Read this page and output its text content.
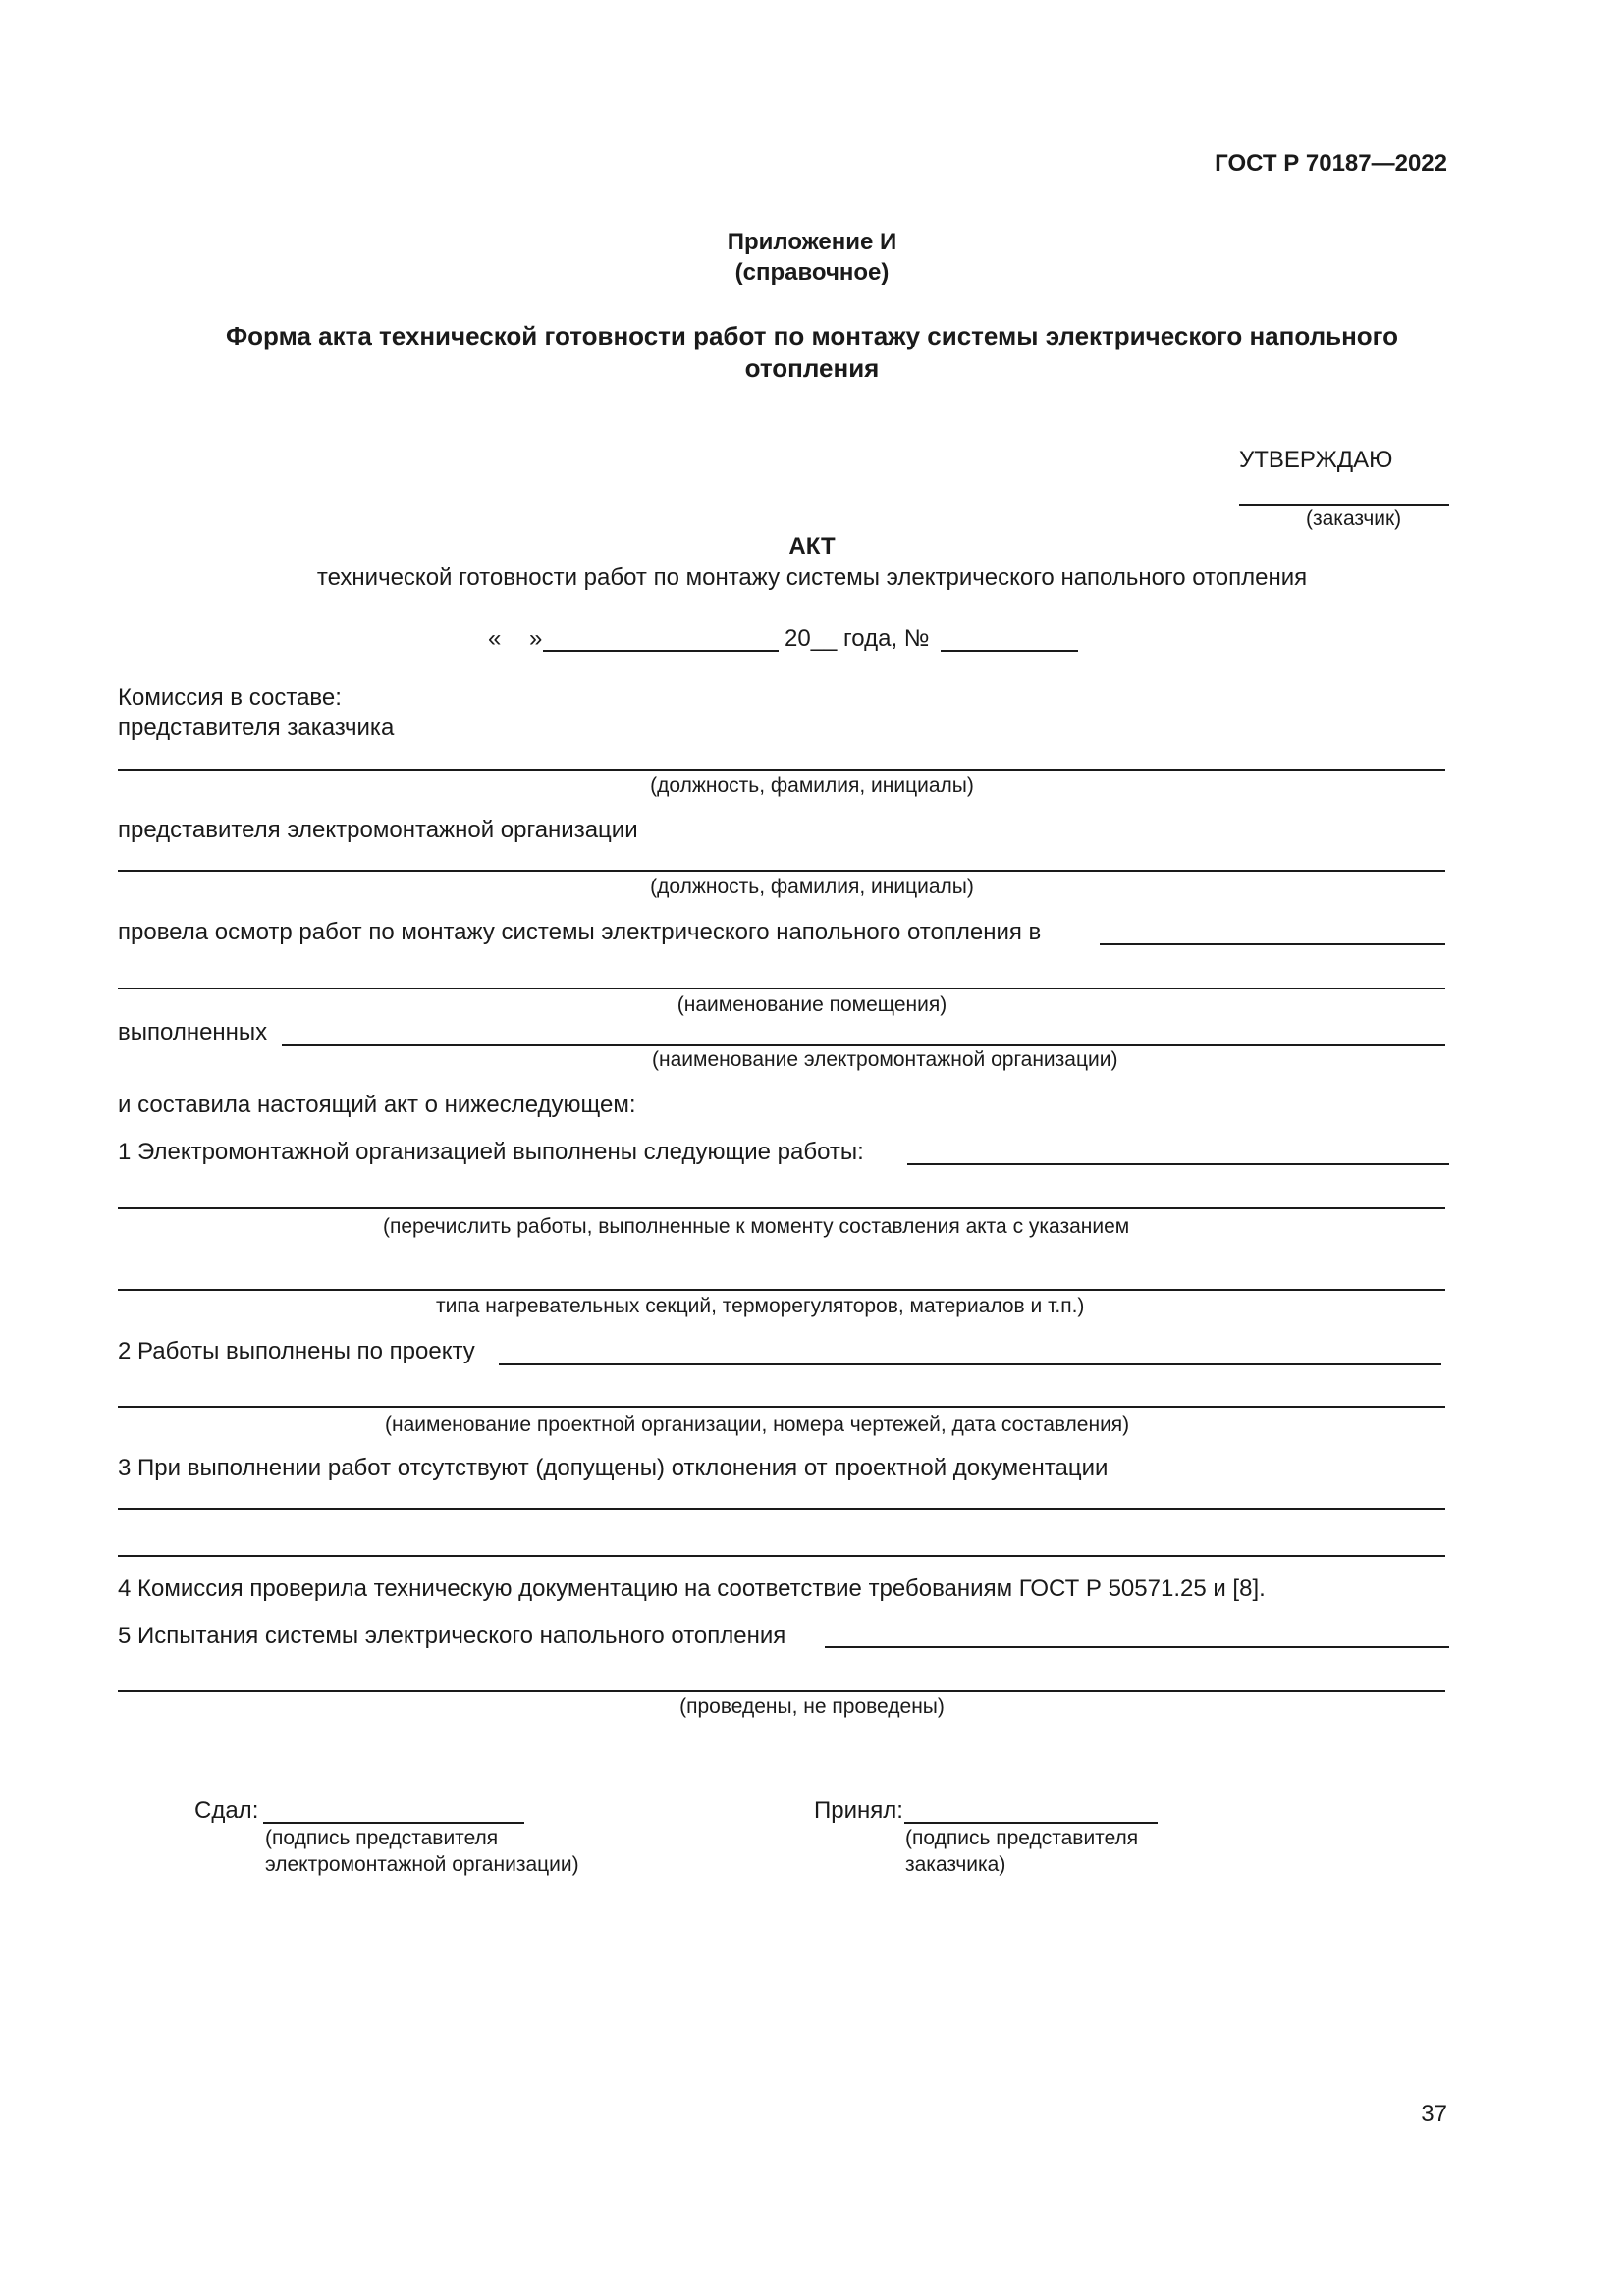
ГОСТ Р 70187—2022
Приложение И
(справочное)
Форма акта технической готовности работ по монтажу системы электрического напольного
отопления
УТВЕРЖДАЮ
(заказчик)
АКТ
технической готовности работ по монтажу системы электрического напольного отопления
« »	20__ года, №
Комиссия в составе:
представителя заказчика
(должность, фамилия, инициалы)
представителя электромонтажной организации
(должность, фамилия, инициалы)
провела осмотр работ по монтажу системы электрического напольного отопления в
(наименование помещения)
выполненных
(наименование электромонтажной организации)
и составила настоящий акт о нижеследующем:
1 Электромонтажной организацией выполнены следующие работы:
(перечислить работы, выполненные к моменту составления акта с указанием
типа нагревательных секций, терморегуляторов, материалов и т.п.)
2 Работы выполнены по проекту
(наименование проектной организации, номера чертежей, дата составления)
3 При выполнении работ отсутствуют (допущены) отклонения от проектной документации
4 Комиссия проверила техническую документацию на соответствие требованиям ГОСТ Р 50571.25 и [8].
5 Испытания системы электрического напольного отопления
(проведены, не проведены)
Сдал:
(подпись представителя
электромонтажной организации)
Принял:
(подпись представителя
заказчика)
37
